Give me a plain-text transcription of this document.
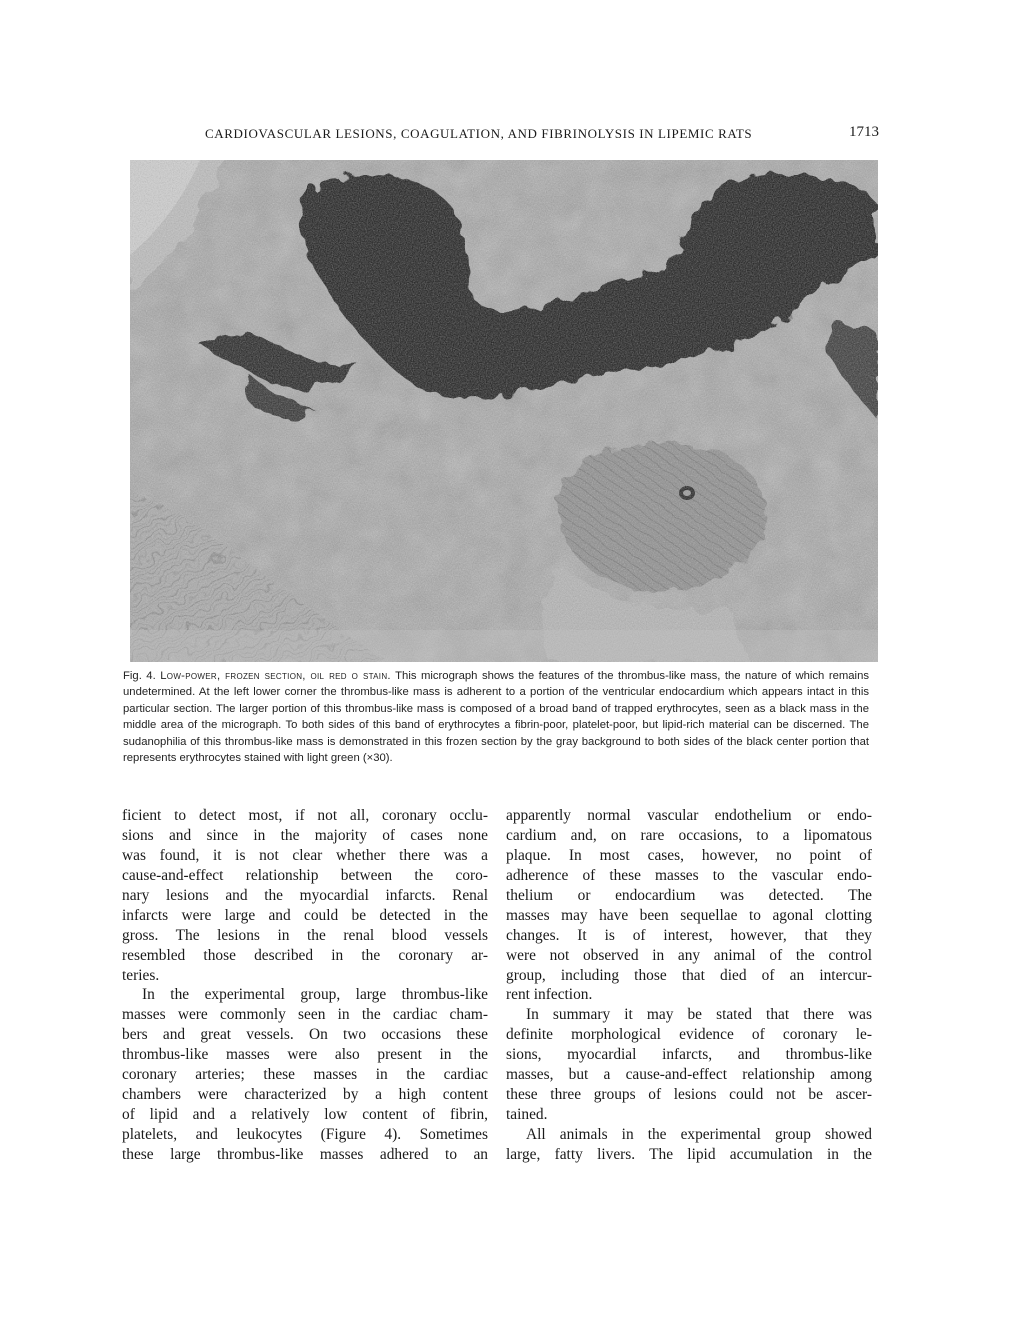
CARDIOVASCULAR LESIONS, COAGULATION, AND FIBRINOLYSIS IN LIPEMIC RATS	1713
Fig. 4. Low-power, frozen section, oil red o stain. This micrograph shows the features of the thrombus-like mass, the nature of which remains undetermined. At the left lower corner the thrombus-like mass is adherent to a portion of the ventricular endocardium which appears intact in this particular section. The larger portion of this thrombus-like mass is composed of a broad band of trapped erythrocytes, seen as a black mass in the middle area of the micrograph. To both sides of this band of erythrocytes a fibrin-poor, platelet-poor, but lipid-rich material can be discerned. The sudanophilia of this thrombus-like mass is demonstrated in this frozen section by the gray background to both sides of the black center portion that represents erythrocytes stained with light green (×30).
ficient to detect most, if not all, coronary occlu-
sions and since in the majority of cases none
was found, it is not clear whether there was a
cause-and-effect relationship between the coro-
nary lesions and the myocardial infarcts. Renal
infarcts were large and could be detected in the
gross. The lesions in the renal blood vessels
resembled those described in the coronary ar-
teries.
In the experimental group, large thrombus-like
masses were commonly seen in the cardiac cham-
bers and great vessels. On two occasions these
thrombus-like masses were also present in the
coronary arteries; these masses in the cardiac
chambers were characterized by a high content
of lipid and a relatively low content of fibrin,
platelets, and leukocytes (Figure 4). Sometimes
these large thrombus-like masses adhered to an
apparently normal vascular endothelium or endo-
cardium and, on rare occasions, to a lipomatous
plaque. In most cases, however, no point of
adherence of these masses to the vascular endo-
thelium or endocardium was detected. The
masses may have been sequellae to agonal clotting
changes. It is of interest, however, that they
were not observed in any animal of the control
group, including those that died of an intercur-
rent infection.
In summary it may be stated that there was
definite morphological evidence of coronary le-
sions, myocardial infarcts, and thrombus-like
masses, but a cause-and-effect relationship among
these three groups of lesions could not be ascer-
tained.
All animals in the experimental group showed
large, fatty livers. The lipid accumulation in the
